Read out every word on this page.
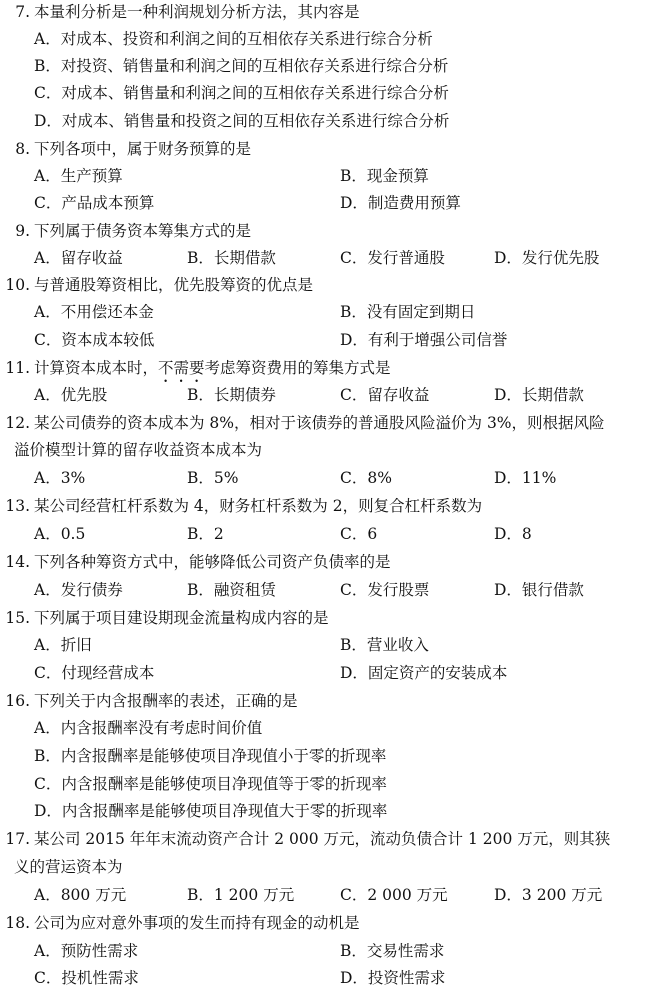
7. 本量利分析是一种利润规划分析方法，其内容是
A．对成本、投资和利润之间的互相依存关系进行综合分析
B．对投资、销售量和利润之间的互相依存关系进行综合分析
C．对成本、销售量和利润之间的互相依存关系进行综合分析
D．对成本、销售量和投资之间的互相依存关系进行综合分析
8. 下列各项中，属于财务预算的是
A．生产预算	B．现金预算
C．产品成本预算	D．制造费用预算
9. 下列属于债务资本筹集方式的是
A．留存收益	B．长期借款	C．发行普通股	D．发行优先股
10. 与普通股筹资相比，优先股筹资的优点是
A．不用偿还本金	B．没有固定到期日
C．资本成本较低	D．有利于增强公司信誉
11. 计算资本成本时，不需要考虑筹资费用的筹集方式是
A．优先股	B．长期债券	C．留存收益	D．长期借款
12. 某公司债券的资本成本为 8%，相对于该债券的普通股风险溢价为 3%，则根据风险
溢价模型计算的留存收益资本成本为
A．3%	B．5%	C．8%	D．11%
13. 某公司经营杠杆系数为 4，财务杠杆系数为 2，则复合杠杆系数为
A．0.5	B．2	C．6	D．8
14. 下列各种筹资方式中，能够降低公司资产负债率的是
A．发行债券	B．融资租赁	C．发行股票	D．银行借款
15. 下列属于项目建设期现金流量构成内容的是
A．折旧	B．营业收入
C．付现经营成本	D．固定资产的安装成本
16. 下列关于内含报酬率的表述，正确的是
A．内含报酬率没有考虑时间价值
B．内含报酬率是能够使项目净现值小于零的折现率
C．内含报酬率是能够使项目净现值等于零的折现率
D．内含报酬率是能够使项目净现值大于零的折现率
17. 某公司 2015 年年末流动资产合计 2 000 万元，流动负债合计 1 200 万元，则其狭
义的营运资本为
A．800 万元	B．1 200 万元	C．2 000 万元	D．3 200 万元
18. 公司为应对意外事项的发生而持有现金的动机是
A．预防性需求	B．交易性需求
C．投机性需求	D．投资性需求
